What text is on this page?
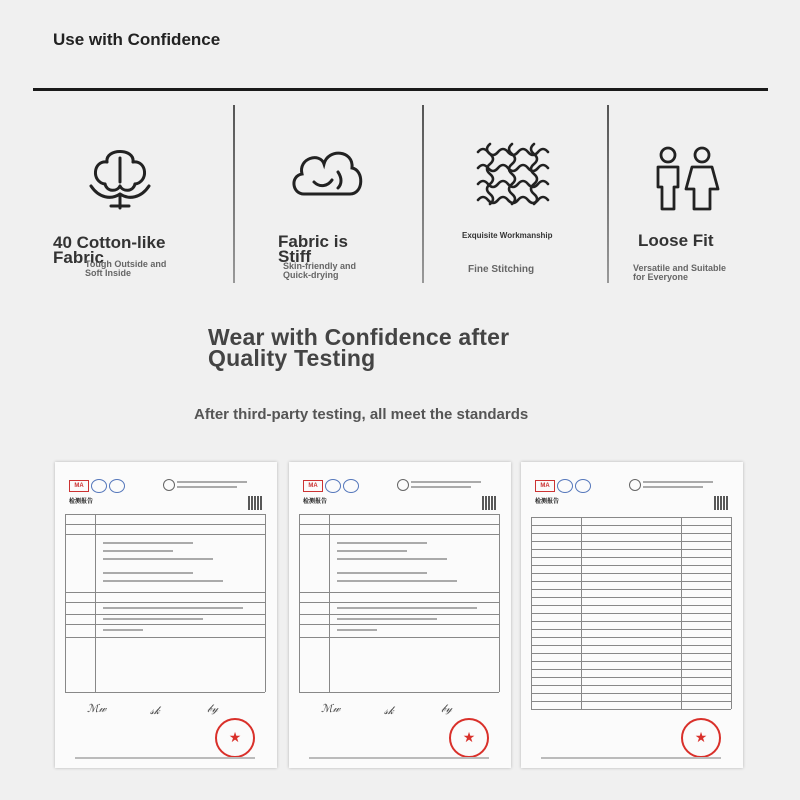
Use with Confidence
40 Cotton-like
Fabric
Tough Outside and
Soft Inside
Fabric is
Stiff
Skin-friendly and
Quick-drying
Exquisite Workmanship
Fine Stitching
Loose Fit
Versatile and Suitable
for Everyone
Wear with Confidence after
Quality Testing
After third-party testing, all meet the standards
MA
检测报告
ℳ𝓌	𝓈𝓀	𝒷𝓎
★
MA
检测报告
ℳ𝓌	𝓈𝓀	𝒷𝓎
★
MA
检测报告
★
